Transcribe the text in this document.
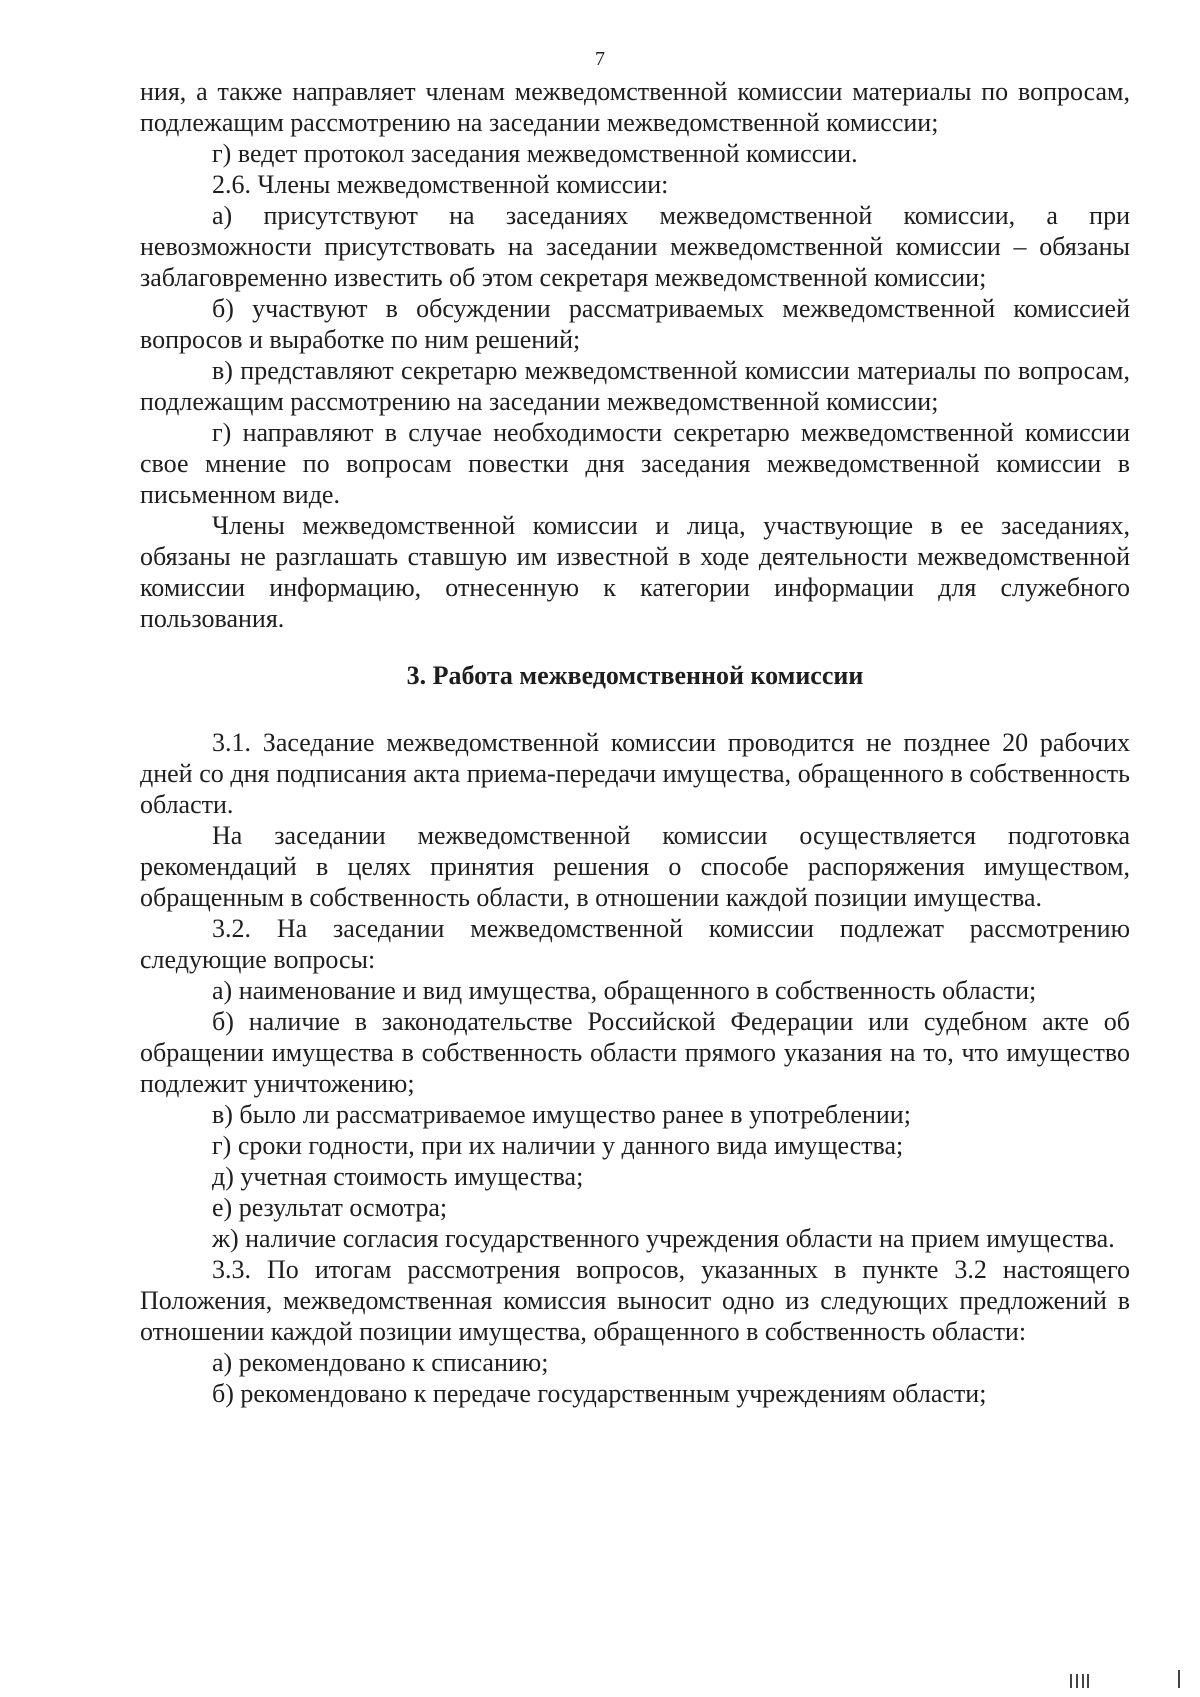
7

ния, а также направляет членам межведомственной комиссии материалы по вопросам, подлежащим рассмотрению на заседании межведомственной комиссии;

г) ведет протокол заседания межведомственной комиссии.

2.6. Члены межведомственной комиссии:

а) присутствуют на заседаниях межведомственной комиссии, а при невозможности присутствовать на заседании межведомственной комиссии – обязаны заблаговременно известить об этом секретаря межведомственной комиссии;

б) участвуют в обсуждении рассматриваемых межведомственной комиссией вопросов и выработке по ним решений;

в) представляют секретарю межведомственной комиссии материалы по вопросам, подлежащим рассмотрению на заседании межведомственной комиссии;

г) направляют в случае необходимости секретарю межведомственной комиссии свое мнение по вопросам повестки дня заседания межведомственной комиссии в письменном виде.

Члены межведомственной комиссии и лица, участвующие в ее заседаниях, обязаны не разглашать ставшую им известной в ходе деятельности межведомственной комиссии информацию, отнесенную к категории информации для служебного пользования.

3. Работа межведомственной комиссии

3.1. Заседание межведомственной комиссии проводится не позднее 20 рабочих дней со дня подписания акта приема-передачи имущества, обращенного в собственность области.

На заседании межведомственной комиссии осуществляется подготовка рекомендаций в целях принятия решения о способе распоряжения имуществом, обращенным в собственность области, в отношении каждой позиции имущества.

3.2. На заседании межведомственной комиссии подлежат рассмотрению следующие вопросы:

а) наименование и вид имущества, обращенного в собственность области;

б) наличие в законодательстве Российской Федерации или судебном акте об обращении имущества в собственность области прямого указания на то, что имущество подлежит уничтожению;

в) было ли рассматриваемое имущество ранее в употреблении;

г) сроки годности, при их наличии у данного вида имущества;

д) учетная стоимость имущества;

е) результат осмотра;

ж) наличие согласия государственного учреждения области на прием имущества.

3.3. По итогам рассмотрения вопросов, указанных в пункте 3.2 настоящего Положения, межведомственная комиссия выносит одно из следующих предложений в отношении каждой позиции имущества, обращенного в собственность области:

а) рекомендовано к списанию;

б) рекомендовано к передаче государственным учреждениям области;
